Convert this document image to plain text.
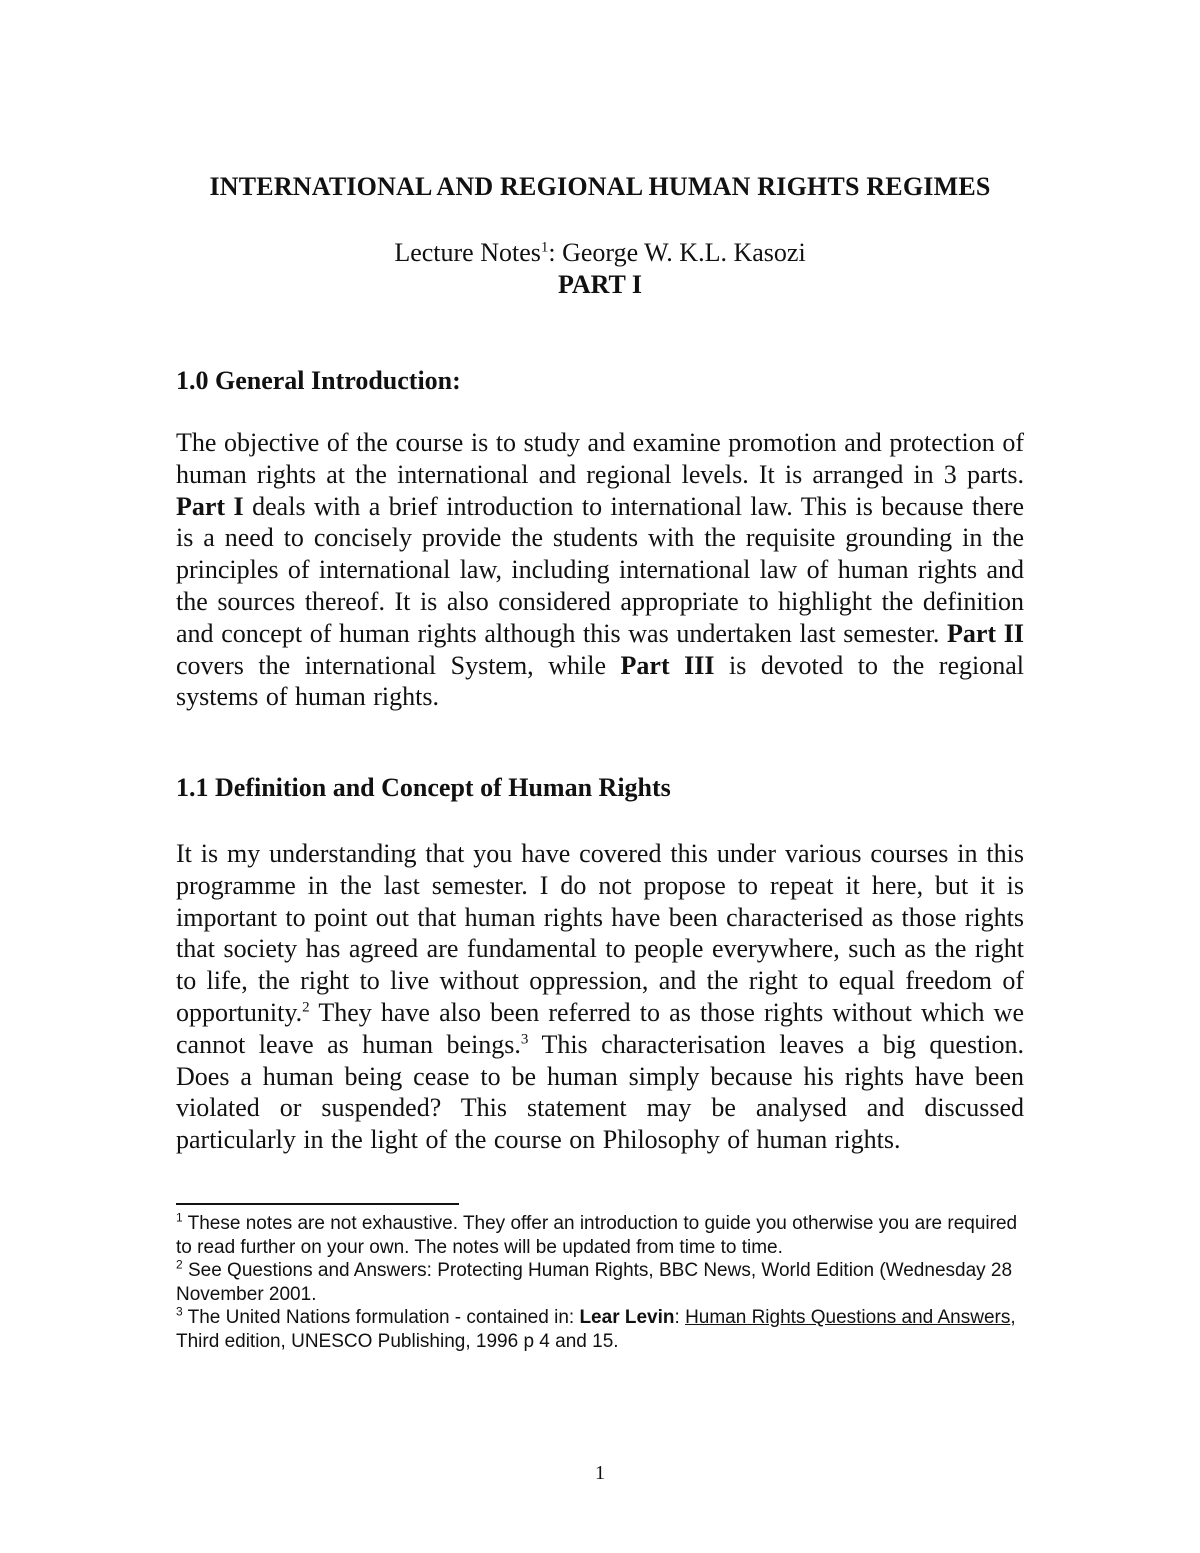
INTERNATIONAL AND REGIONAL HUMAN RIGHTS REGIMES
Lecture Notes$^1$: George W. K.L. Kasozi
PART I
1.0 General Introduction:
The objective of the course is to study and examine promotion and protection of human rights at the international and regional levels. It is arranged in 3 parts. Part I deals with a brief introduction to international law. This is because there is a need to concisely provide the students with the requisite grounding in the principles of international law, including international law of human rights and the sources thereof. It is also considered appropriate to highlight the definition and concept of human rights although this was undertaken last semester. Part II covers the international System, while Part III is devoted to the regional systems of human rights.
1.1 Definition and Concept of Human Rights
It is my understanding that you have covered this under various courses in this programme in the last semester. I do not propose to repeat it here, but it is important to point out that human rights have been characterised as those rights that society has agreed are fundamental to people everywhere, such as the right to life, the right to live without oppression, and the right to equal freedom of opportunity.$^2$ They have also been referred to as those rights without which we cannot leave as human beings.$^3$ This characterisation leaves a big question. Does a human being cease to be human simply because his rights have been violated or suspended? This statement may be analysed and discussed particularly in the light of the course on Philosophy of human rights.

$^1$ These notes are not exhaustive. They offer an introduction to guide you otherwise you are required to read further on your own. The notes will be updated from time to time.

$^2$ See Questions and Answers: Protecting Human Rights, BBC News, World Edition (Wednesday 28 November 2001.

$^3$ The United Nations formulation - contained in: Lear Levin: Human Rights Questions and Answers, Third edition, UNESCO Publishing, 1996 p 4 and 15.

1
